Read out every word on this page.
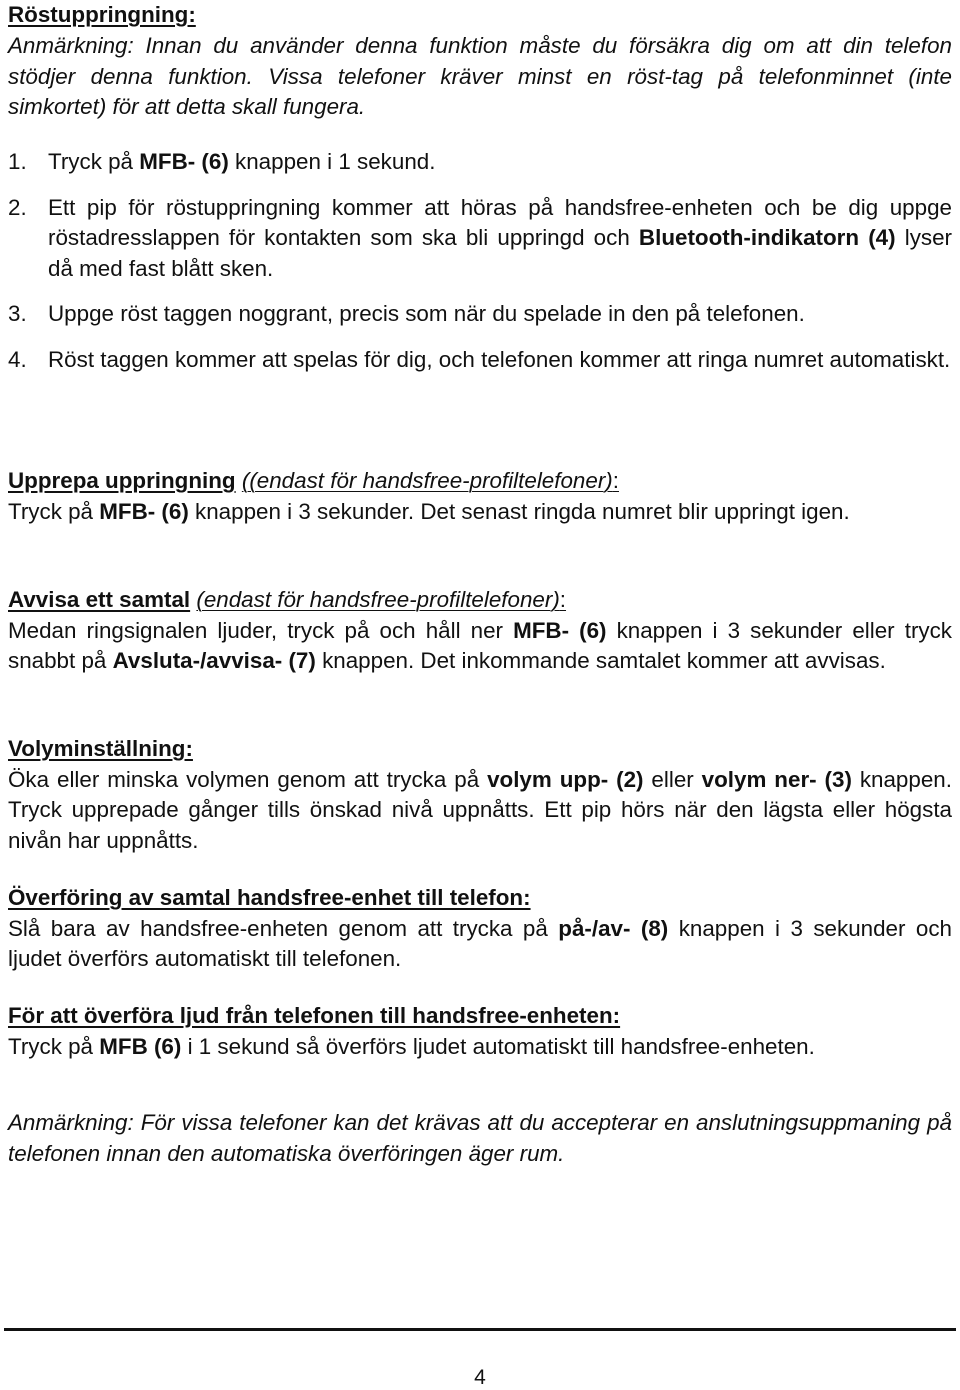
Röstuppringning:

Anmärkning: Innan du använder denna funktion måste du försäkra dig om att din telefon stödjer denna funktion. Vissa telefoner kräver minst en röst-tag på telefonminnet (inte simkortet) för att detta skall fungera.

1. Tryck på MFB- (6) knappen i 1 sekund.
2. Ett pip för röstuppringning kommer att höras på handsfree-enheten och be dig uppge röstadresslappen för kontakten som ska bli uppringd och Bluetooth-indikatorn (4) lyser då med fast blått sken.
3. Uppge röst taggen noggrant, precis som när du spelade in den på telefonen.
4. Röst taggen kommer att spelas för dig, och telefonen kommer att ringa numret automatiskt.
Upprepa uppringning ((endast för handsfree-profiltelefoner):
Tryck på MFB- (6) knappen i 3 sekunder. Det senast ringda numret blir uppringt igen.
Avvisa ett samtal (endast för handsfree-profiltelefoner):
Medan ringsignalen ljuder, tryck på och håll ner MFB- (6) knappen i 3 sekunder eller tryck snabbt på Avsluta-/avvisa- (7) knappen. Det inkommande samtalet kommer att avvisas.
Volyminställning:
Öka eller minska volymen genom att trycka på volym upp- (2) eller volym ner- (3) knappen. Tryck upprepade gånger tills önskad nivå uppnåtts. Ett pip hörs när den lägsta eller högsta nivån har uppnåtts.
Överföring av samtal handsfree-enhet till telefon:
Slå bara av handsfree-enheten genom att trycka på på-/av- (8) knappen i 3 sekunder och ljudet överförs automatiskt till telefonen.
För att överföra ljud från telefonen till handsfree-enheten:
Tryck på MFB (6) i 1 sekund så överförs ljudet automatiskt till handsfree-enheten.

Anmärkning: För vissa telefoner kan det krävas att du accepterar en anslutningsuppmaning på telefonen innan den automatiska överföringen äger rum.

4
